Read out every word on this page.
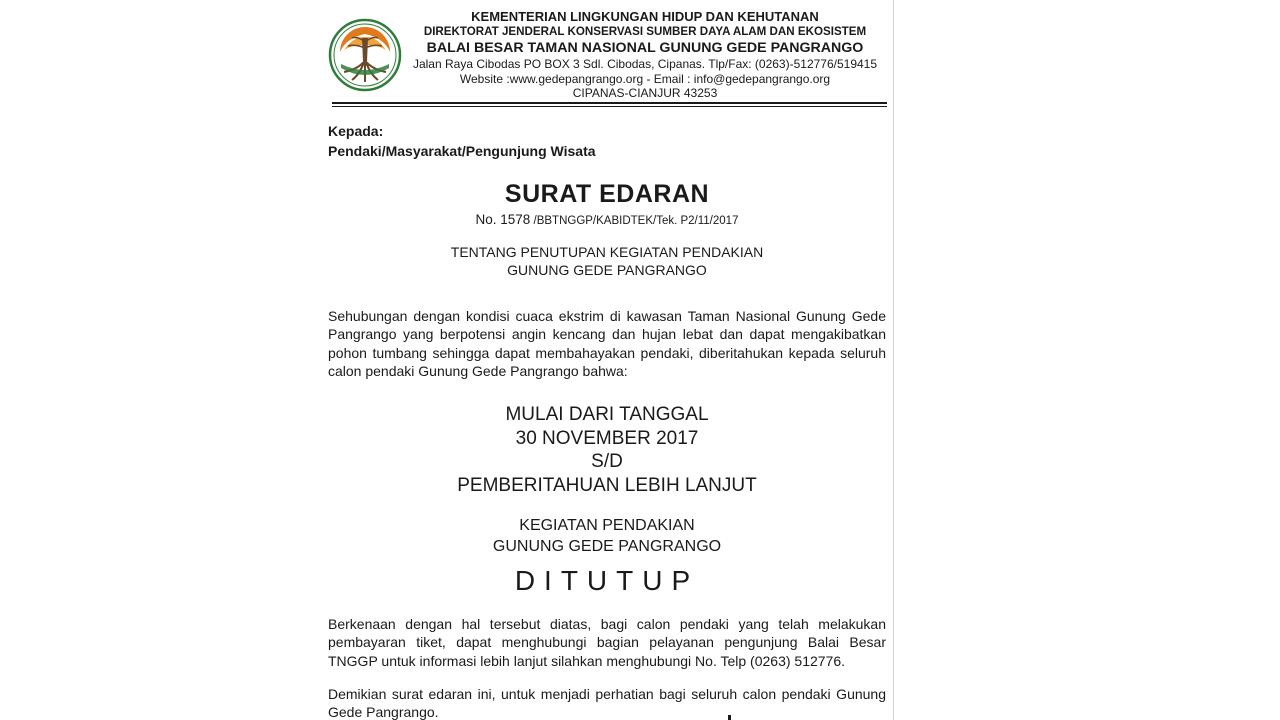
KEMENTERIAN LINGKUNGAN HIDUP DAN KEHUTANAN
DIREKTORAT JENDERAL KONSERVASI SUMBER DAYA ALAM DAN EKOSISTEM
BALAI BESAR TAMAN NASIONAL GUNUNG GEDE PANGRANGO
Jalan Raya Cibodas PO BOX 3 Sdl. Cibodas, Cipanas. Tlp/Fax: (0263)-512776/519415
Website :www.gedepangrango.org - Email : info@gedepangrango.org
CIPANAS-CIANJUR 43253
Kepada:
Pendaki/Masyarakat/Pengunjung Wisata
SURAT EDARAN
No. 1578 /BBTNGGP/KABIDTEK/Tek. P2/11/2017
TENTANG PENUTUPAN KEGIATAN PENDAKIAN
GUNUNG GEDE PANGRANGO
Sehubungan dengan kondisi cuaca ekstrim di kawasan Taman Nasional Gunung Gede Pangrango yang berpotensi angin kencang dan hujan lebat dan dapat mengakibatkan pohon tumbang sehingga dapat membahayakan pendaki, diberitahukan kepada seluruh calon pendaki Gunung Gede Pangrango bahwa:
MULAI DARI TANGGAL
30 NOVEMBER 2017
S/D
PEMBERITAHUAN LEBIH LANJUT
KEGIATAN PENDAKIAN
GUNUNG GEDE PANGRANGO
DITUTUP
Berkenaan dengan hal tersebut diatas, bagi calon pendaki yang telah melakukan pembayaran tiket, dapat menghubungi bagian pelayanan pengunjung Balai Besar TNGGP untuk informasi lebih lanjut silahkan menghubungi No. Telp (0263) 512776.
Demikian surat edaran ini, untuk menjadi perhatian bagi seluruh calon pendaki Gunung Gede Pangrango.
